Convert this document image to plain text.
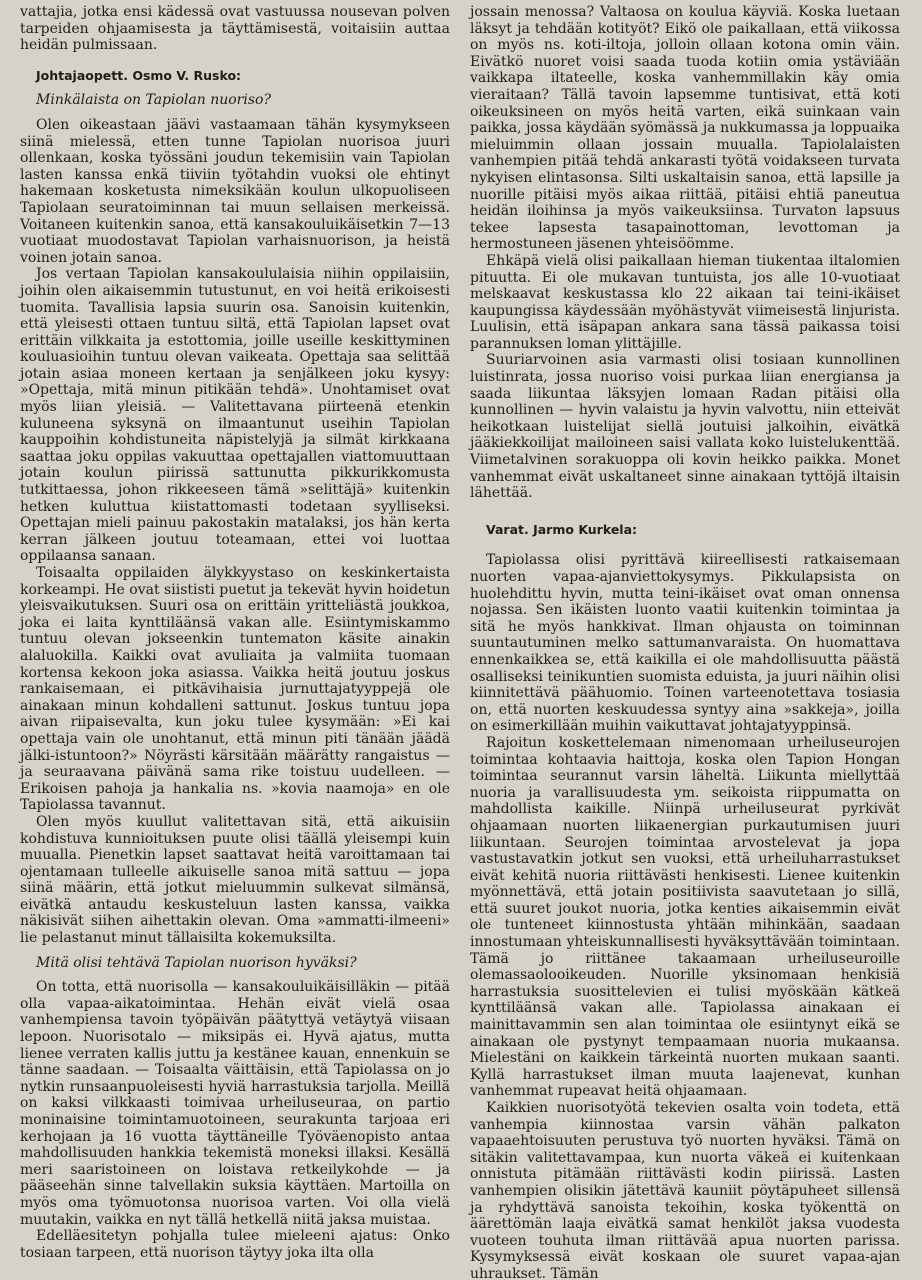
vattajia, jotka ensi kädessä ovat vastuussa nousevan polven tarpeiden ohjaamisesta ja täyttämisestä, voitaisiin auttaa heidän pulmissaan.

Johtajaopett. Osmo V. Rusko:

Minkälaista on Tapiolan nuoriso?

Olen oikeastaan jäävi vastaamaan tähän kysymykseen siinä mielessä, etten tunne Tapiolan nuorisoa juuri ollenkaan, koska työssäni joudun tekemisiin vain Tapiolan lasten kanssa enkä tiiviin työtahdin vuoksi ole ehtinyt hakemaan kosketusta nimeksikään koulun ulkopuoliseen Tapiolaan seuratoiminnan tai muun sellaisen merkeissä. Voitaneen kuitenkin sanoa, että kansakouluikäisetkin 7—13 vuotiaat muodostavat Tapiolan varhaisnuorison, ja heistä voinen jotain sanoa.

Jos vertaan Tapiolan kansakoululaisia niihin oppilaisiin, joihin olen aikaisemmin tutustunut, en voi heitä erikoisesti tuomita. Tavallisia lapsia suurin osa. Sanoisin kuitenkin, että yleisesti ottaen tuntuu siltä, että Tapiolan lapset ovat erittäin vilkkaita ja estottomia, joille useille keskittyminen kouluasioihin tuntuu olevan vaikeata. Opettaja saa selittää jotain asiaa moneen kertaan ja senjälkeen joku kysyy: »Opettaja, mitä minun pitikään tehdä». Unohtamiset ovat myös liian yleisiä. — Valitettavana piirteenä etenkin kuluneena syksynä on ilmaantunut useihin Tapiolan kauppoihin kohdistuneita näpistelyjä ja silmät kirkkaana saattaa joku oppilas vakuuttaa opettajallen viattomuuttaan jotain koulun piirissä sattunutta pikkurikkomusta tutkittaessa, johon rikkeeseen tämä »selittäjä» kuitenkin hetken kuluttua kiistattomasti todetaan syylliseksi. Opettajan mieli painuu pakostakin matalaksi, jos hän kerta kerran jälkeen joutuu toteamaan, ettei voi luottaa oppilaansa sanaan.

Toisaalta oppilaiden älykkyystaso on keskinkertaista korkeampi. He ovat siististi puetut ja tekevät hyvin hoidetun yleisvaikutuksen. Suuri osa on erittäin yritteliästä joukkoa, joka ei laita kynttiläänsä vakan alle. Esiintymiskammo tuntuu olevan jokseenkin tuntematon käsite ainakin alaluokilla. Kaikki ovat avuliaita ja valmiita tuomaan kortensa kekoon joka asiassa. Vaikka heitä joutuu joskus rankaisemaan, ei pitkävihaisia jurnuttajatyyppejä ole ainakaan minun kohdalleni sattunut. Joskus tuntuu jopa aivan riipaisevalta, kun joku tulee kysymään: »Ei kai opettaja vain ole unohtanut, että minun piti tänään jäädä jälki-istuntoon?» Nöyrästi kärsitään määrätty rangaistus — ja seuraavana päivänä sama rike toistuu uudelleen. — Erikoisen pahoja ja hankalia ns. »kovia naamoja» en ole Tapiolassa tavannut.

Olen myös kuullut valitettavan sitä, että aikuisiin kohdistuva kunnioituksen puute olisi täällä yleisempi kuin muualla. Pienetkin lapset saattavat heitä varoittamaan tai ojentamaan tulleelle aikuiselle sanoa mitä sattuu — jopa siinä määrin, että jotkut mieluummin sulkevat silmänsä, eivätkä antaudu keskusteluun lasten kanssa, vaikka näkisivät siihen aihettakin olevan. Oma »ammatti-ilmeeni» lie pelastanut minut tällaisilta kokemuksilta.

Mitä olisi tehtävä Tapiolan nuorison hyväksi?

On totta, että nuorisolla — kansakouluikäisilläkin — pitää olla vapaa-aikatoimintaa. Hehän eivät vielä osaa vanhempiensa tavoin työpäivän päätyttyä vetäytyä viisaan lepoon. Nuorisotalo — miksipäs ei. Hyvä ajatus, mutta lienee verraten kallis juttu ja kestänee kauan, ennenkuin se tänne saadaan. — Toisaalta väittäisin, että Tapiolassa on jo nytkin runsaanpuoleisesti hyviä harrastuksia tarjolla. Meillä on kaksi vilkkaasti toimivaa urheiluseuraa, on partio moninaisine toimintamuotoineen, seurakunta tarjoaa eri kerhojaan ja 16 vuotta täyttäneille Työväenopisto antaa mahdollisuuden hankkia tekemistä moneksi illaksi. Kesällä meri saaristoineen on loistava retkeilykohde — ja pääseehän sinne talvellakin suksia käyttäen. Martoilla on myös oma työmuotonsa nuorisoa varten. Voi olla vielä muutakin, vaikka en nyt tällä hetkellä niitä jaksa muistaa.

Edelläesitetyn pohjalla tulee mieleeni ajatus: Onko tosiaan tarpeen, että nuorison täytyy joka ilta olla

jossain menossa? Valtaosa on koulua käyviä. Koska luetaan läksyt ja tehdään kotityöt? Eikö ole paikallaan, että viikossa on myös ns. koti-iltoja, jolloin ollaan kotona omin väin. Eivätkö nuoret voisi saada tuoda kotiin omia ystäviään vaikkapa iltateelle, koska vanhemmillakin käy omia vieraitaan? Tällä tavoin lapsemme tuntisivat, että koti oikeuksineen on myös heitä varten, eikä suinkaan vain paikka, jossa käydään syömässä ja nukkumassa ja loppuaika mieluimmin ollaan jossain muualla. Tapiolalaisten vanhempien pitää tehdä ankarasti työtä voidakseen turvata nykyisen elintasonsa. Silti uskaltaisin sanoa, että lapsille ja nuorille pitäisi myös aikaa riittää, pitäisi ehtiä paneutua heidän iloihinsa ja myös vaikeuksiinsa. Turvaton lapsuus tekee lapsesta tasapainottoman, levottoman ja hermostuneen jäsenen yhteisöömme.

Ehkäpä vielä olisi paikallaan hieman tiukentaa iltalomien pituutta. Ei ole mukavan tuntuista, jos alle 10-vuotiaat melskaavat keskustassa klo 22 aikaan tai teini-ikäiset kaupungissa käydessään myöhästyvät viimeisestä linjurista. Luulisin, että isäpapan ankara sana tässä paikassa toisi parannuksen loman ylittäjille.

Suuriarvoinen asia varmasti olisi tosiaan kunnollinen luistinrata, jossa nuoriso voisi purkaa liian energiansa ja saada liikuntaa läksyjen lomaan Radan pitäisi olla kunnollinen — hyvin valaistu ja hyvin valvottu, niin etteivät heikotkaan luistelijat siellä joutuisi jalkoihin, eivätkä jääkiekkoilijat mailoineen saisi vallata koko luistelukenttää. Viimetalvinen sorakuoppa oli kovin heikko paikka. Monet vanhemmat eivät uskaltaneet sinne ainakaan tyttöjä iltaisin lähettää.

Varat. Jarmo Kurkela:

Tapiolassa olisi pyrittävä kiireellisesti ratkaisemaan nuorten vapaa-ajanviettokysymys. Pikkulapsista on huolehdittu hyvin, mutta teini-ikäiset ovat oman onnensa nojassa. Sen ikäisten luonto vaatii kuitenkin toimintaa ja sitä he myös hankkivat. Ilman ohjausta on toiminnan suuntautuminen melko sattumanvaraista. On huomattava ennenkaikkea se, että kaikilla ei ole mahdollisuutta päästä osalliseksi teinikuntien suomista eduista, ja juuri näihin olisi kiinnitettävä päähuomio. Toinen varteenotettava tosiasia on, että nuorten keskuudessa syntyy aina »sakkeja», joilla on esimerkillään muihin vaikuttavat johtajatyyppinsä.

Rajoitun koskettelemaan nimenomaan urheiluseurojen toimintaa kohtaavia haittoja, koska olen Tapion Hongan toimintaa seurannut varsin läheltä. Liikunta miellyttää nuoria ja varallisuudesta ym. seikoista riippumatta on mahdollista kaikille. Niinpä urheiluseurat pyrkivät ohjaamaan nuorten liikaenergian purkautumisen juuri liikuntaan. Seurojen toimintaa arvostelevat ja jopa vastustavatkin jotkut sen vuoksi, että urheiluharrastukset eivät kehitä nuoria riittävästi henkisesti. Lienee kuitenkin myönnettävä, että jotain positiivista saavutetaan jo sillä, että suuret joukot nuoria, jotka kenties aikaisemmin eivät ole tunteneet kiinnostusta yhtään mihinkään, saadaan innostumaan yhteiskunnallisesti hyväksyttävään toimintaan. Tämä jo riittänee takaamaan urheiluseuroille olemassaolooikeuden. Nuorille yksinomaan henkisiä harrastuksia suosittelevien ei tulisi myöskään kätkeä kynttiläänsä vakan alle. Tapiolassa ainakaan ei mainittavammin sen alan toimintaa ole esiintynyt eikä se ainakaan ole pystynyt tempaamaan nuoria mukaansa. Mielestäni on kaikkein tärkeintä nuorten mukaan saanti. Kyllä harrastukset ilman muuta laajenevat, kunhan vanhemmat rupeavat heitä ohjaamaan.

Kaikkien nuorisotyötä tekevien osalta voin todeta, että vanhempia kiinnostaa varsin vähän palkaton vapaaehtoisuuten perustuva työ nuorten hyväksi. Tämä on sitäkin valitettavampaa, kun nuorta väkeä ei kuitenkaan onnistuta pitämään riittävästi kodin piirissä. Lasten vanhempien olisikin jätettävä kauniit pöytäpuheet sillensä ja ryhdyttävä sanoista tekoihin, koska työkenttä on äärettömän laaja eivätkä samat henkilöt jaksa vuodesta vuoteen touhuta ilman riittävää apua nuorten parissa. Kysymyksessä eivät koskaan ole suuret vapaa-ajan uhraukset. Tämän
